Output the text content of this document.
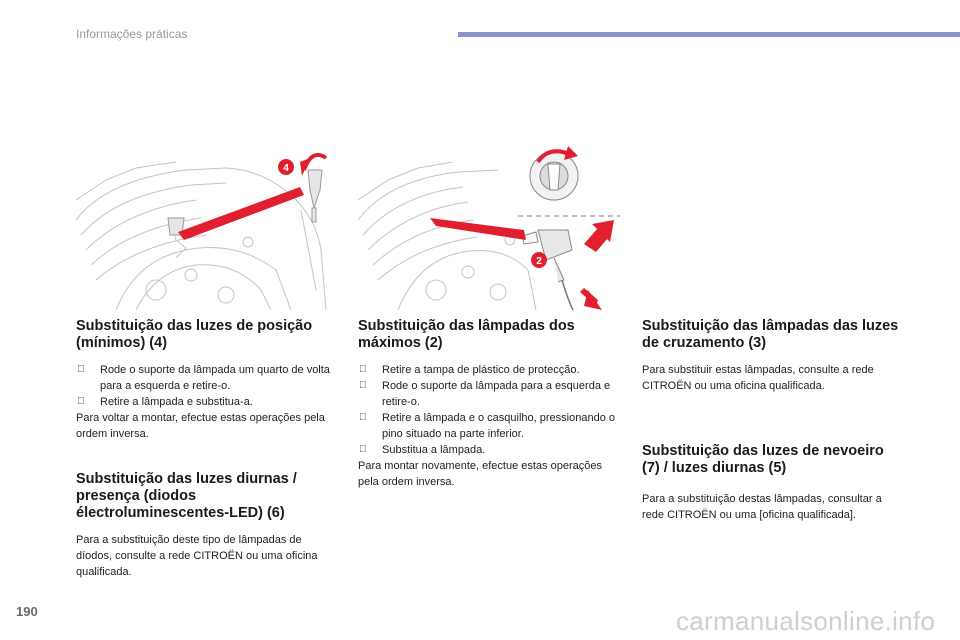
Informações práticas
4
2
Substituição das luzes de posição (mínimos) (4)
Rode o suporte da lâmpada um quarto de volta para a esquerda e retire-o.
Retire a lâmpada e substitua-a.
Para voltar a montar, efectue estas operações pela ordem inversa.
Substituição das luzes diurnas / presença (diodos électroluminescentes-LED) (6)
Para a substituição deste tipo de lâmpadas de díodos, consulte a rede CITROËN ou uma oficina qualificada.
Substituição das lâmpadas dos máximos (2)
Retire a tampa de plástico de protecção.
Rode o suporte da lâmpada para a esquerda e retire-o.
Retire a lâmpada e o casquilho, pressionando o pino situado na parte inferior.
Substitua a lâmpada.
Para montar novamente, efectue estas operações pela ordem inversa.
Substituição das lâmpadas das luzes de cruzamento (3)
Para substituir estas lâmpadas, consulte a rede CITROËN ou uma oficina qualificada.
Substituição das luzes de nevoeiro (7) / luzes diurnas (5)
Para a substituição destas lâmpadas, consultar a rede CITROËN ou uma [oficina qualificada].
190	carmanualsonline.info
